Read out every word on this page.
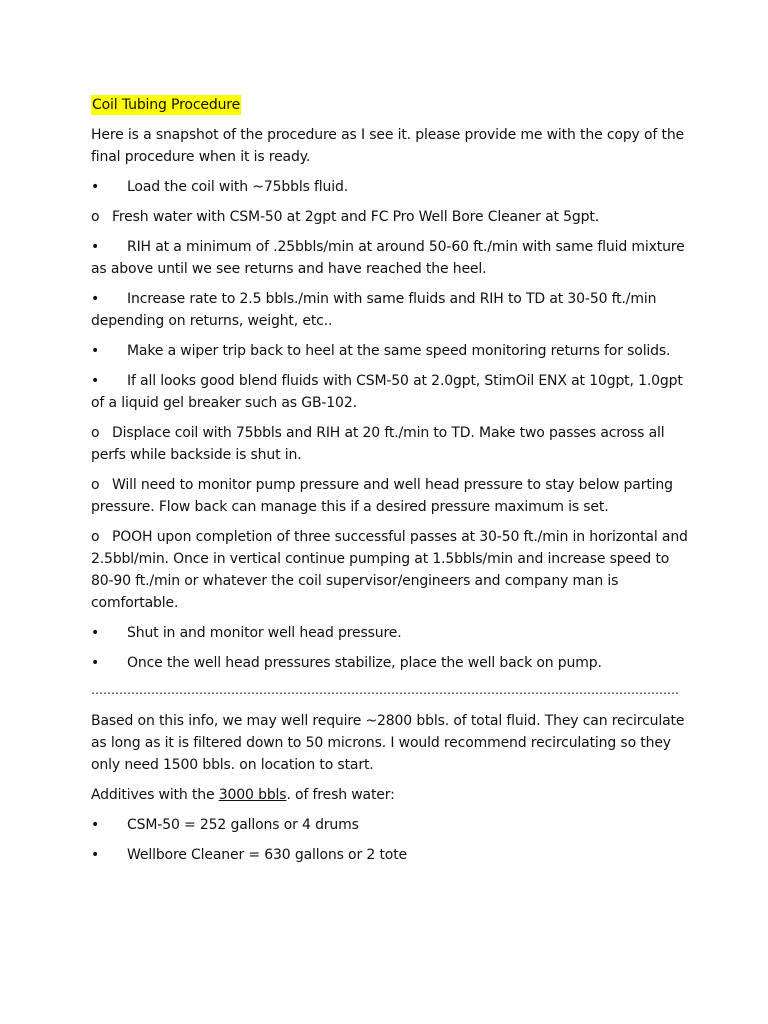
Coil Tubing Procedure
Here is a snapshot of the procedure as I see it. please provide me with the copy of the final procedure when it is ready.
• Load the coil with ~75bbls fluid.
o Fresh water with CSM-50 at 2gpt and FC Pro Well Bore Cleaner at 5gpt.
• RIH at a minimum of .25bbls/min at around 50-60 ft./min with same fluid mixture as above until we see returns and have reached the heel.
• Increase rate to 2.5 bbls./min with same fluids and RIH to TD at 30-50 ft./min depending on returns, weight, etc..
• Make a wiper trip back to heel at the same speed monitoring returns for solids.
• If all looks good blend fluids with CSM-50 at 2.0gpt, StimOil ENX at 10gpt, 1.0gpt of a liquid gel breaker such as GB-102.
o Displace coil with 75bbls and RIH at 20 ft./min to TD. Make two passes across all perfs while backside is shut in.
o Will need to monitor pump pressure and well head pressure to stay below parting pressure. Flow back can manage this if a desired pressure maximum is set.
o POOH upon completion of three successful passes at 30-50 ft./min in horizontal and 2.5bbl/min. Once in vertical continue pumping at 1.5bbls/min and increase speed to 80-90 ft./min or whatever the coil supervisor/engineers and company man is comfortable.
• Shut in and monitor well head pressure.
• Once the well head pressures stabilize, place the well back on pump.
…………………………………………………………………………………………………………………………………
Based on this info, we may well require ~2800 bbls. of total fluid. They can recirculate as long as it is filtered down to 50 microns. I would recommend recirculating so they only need 1500 bbls. on location to start.
Additives with the 3000 bbls. of fresh water:
•	CSM-50 = 252 gallons or 4 drums
•	Wellbore Cleaner = 630 gallons or 2 tote
